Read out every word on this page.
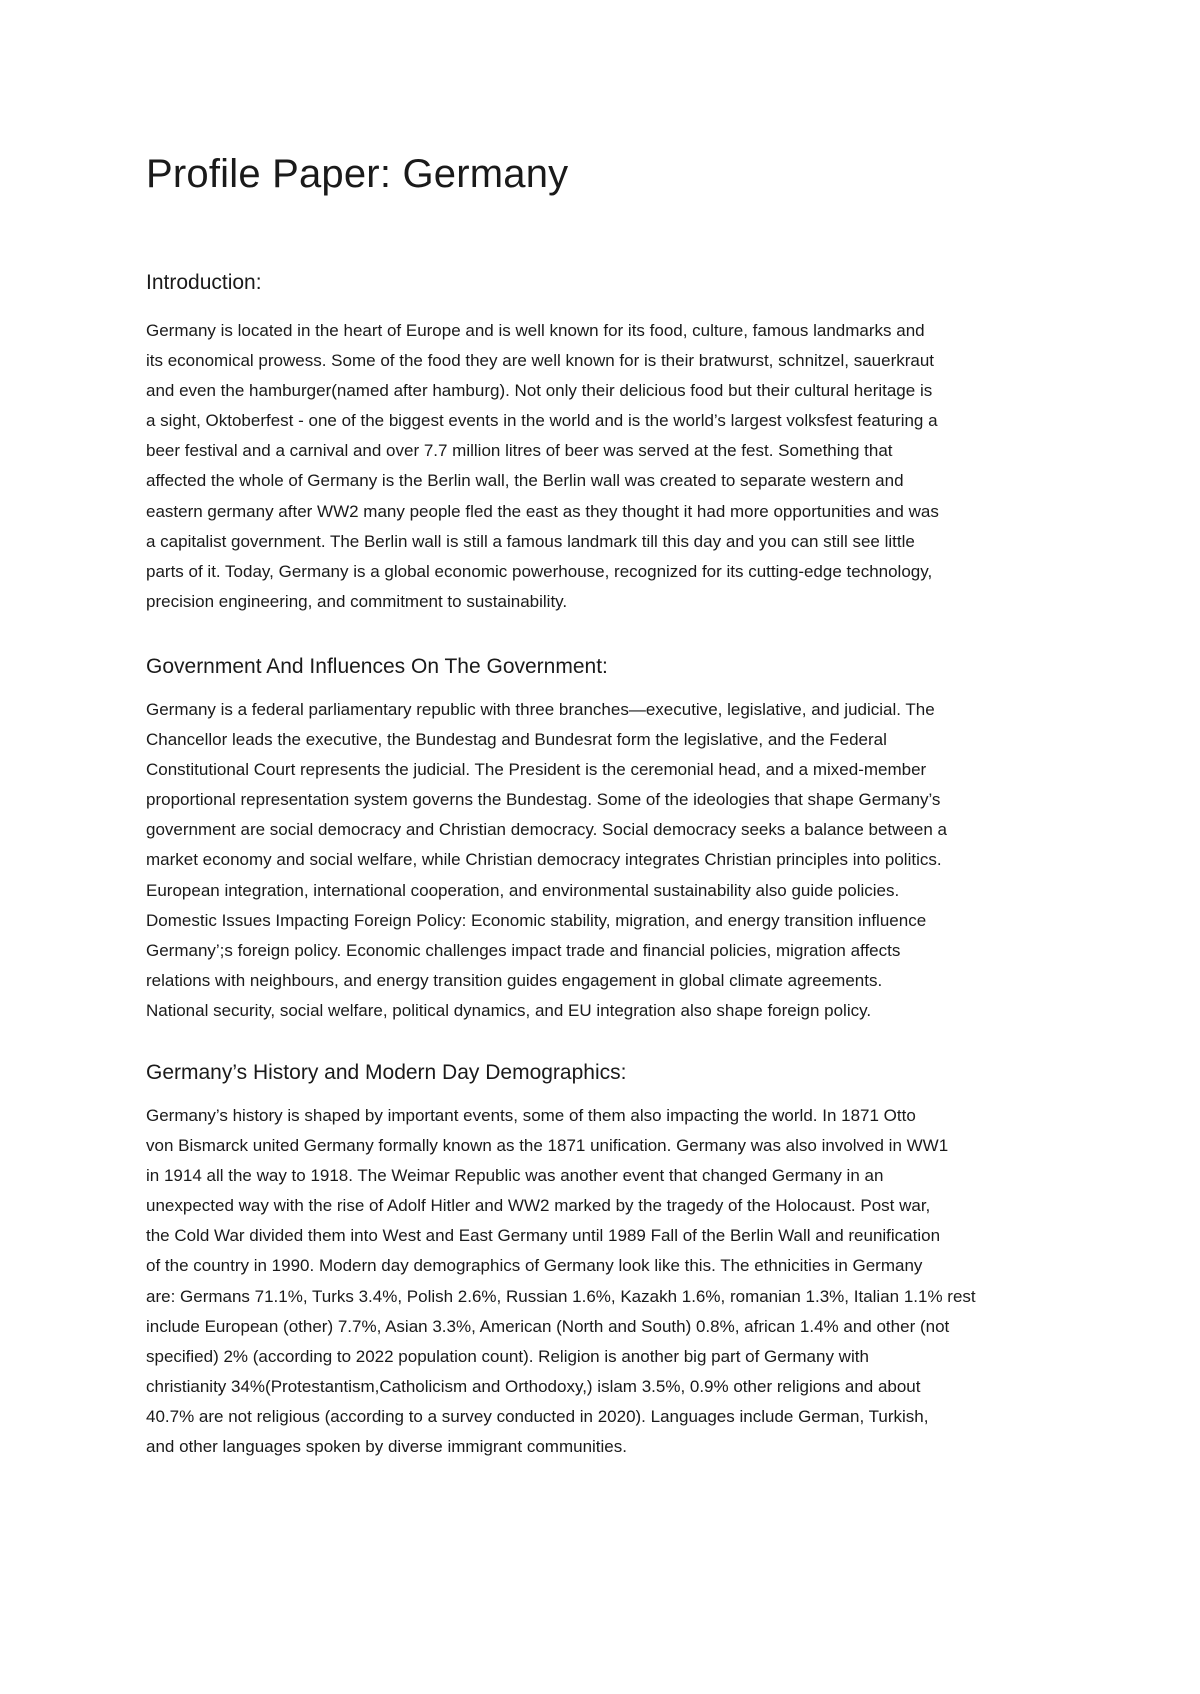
Profile Paper: Germany
Introduction:
Germany is located in the heart of Europe and is well known for its food, culture, famous landmarks and
its economical prowess. Some of the food they are well known for is their bratwurst, schnitzel, sauerkraut
and even the hamburger(named after hamburg). Not only their delicious food but their cultural heritage is
a sight, Oktoberfest - one of the biggest events in the world and is the world’s largest volksfest featuring a
beer festival and a carnival and over 7.7 million litres of beer was served at the fest. Something that
affected the whole of Germany is the Berlin wall, the Berlin wall was created to separate western and
eastern germany after WW2 many people fled the east as they thought it had more opportunities and was
a capitalist government. The Berlin wall is still a famous landmark till this day and you can still see little
parts of it. Today, Germany is a global economic powerhouse, recognized for its cutting-edge technology,
precision engineering, and commitment to sustainability.
Government And Influences On The Government:
Germany is a federal parliamentary republic with three branches—executive, legislative, and judicial. The
Chancellor leads the executive, the Bundestag and Bundesrat form the legislative, and the Federal
Constitutional Court represents the judicial. The President is the ceremonial head, and a mixed-member
proportional representation system governs the Bundestag. Some of the ideologies that shape Germany’s
government are social democracy and Christian democracy. Social democracy seeks a balance between a
market economy and social welfare, while Christian democracy integrates Christian principles into politics.
European integration, international cooperation, and environmental sustainability also guide policies.
Domestic Issues Impacting Foreign Policy: Economic stability, migration, and energy transition influence
Germany’;s foreign policy. Economic challenges impact trade and financial policies, migration affects
relations with neighbours, and energy transition guides engagement in global climate agreements.
National security, social welfare, political dynamics, and EU integration also shape foreign policy.
Germany’s History and Modern Day Demographics:
Germany’s history is shaped by important events, some of them also impacting the world. In 1871 Otto
von Bismarck united Germany formally known as the 1871 unification. Germany was also involved in WW1
in 1914 all the way to 1918. The Weimar Republic was another event that changed Germany in an
unexpected way with the rise of Adolf Hitler and WW2 marked by the tragedy of the Holocaust. Post war,
the Cold War divided them into West and East Germany until 1989 Fall of the Berlin Wall and reunification
of the country in 1990. Modern day demographics of Germany look like this. The ethnicities in Germany
are: Germans 71.1%, Turks 3.4%, Polish 2.6%, Russian 1.6%, Kazakh 1.6%, romanian 1.3%, Italian 1.1% rest
include European (other) 7.7%, Asian 3.3%, American (North and South) 0.8%, african 1.4% and other (not
specified) 2% (according to 2022 population count). Religion is another big part of Germany with
christianity 34%(Protestantism,Catholicism and Orthodoxy,) islam 3.5%, 0.9% other religions and about
40.7% are not religious (according to a survey conducted in 2020). Languages include German, Turkish,
and other languages spoken by diverse immigrant communities.
